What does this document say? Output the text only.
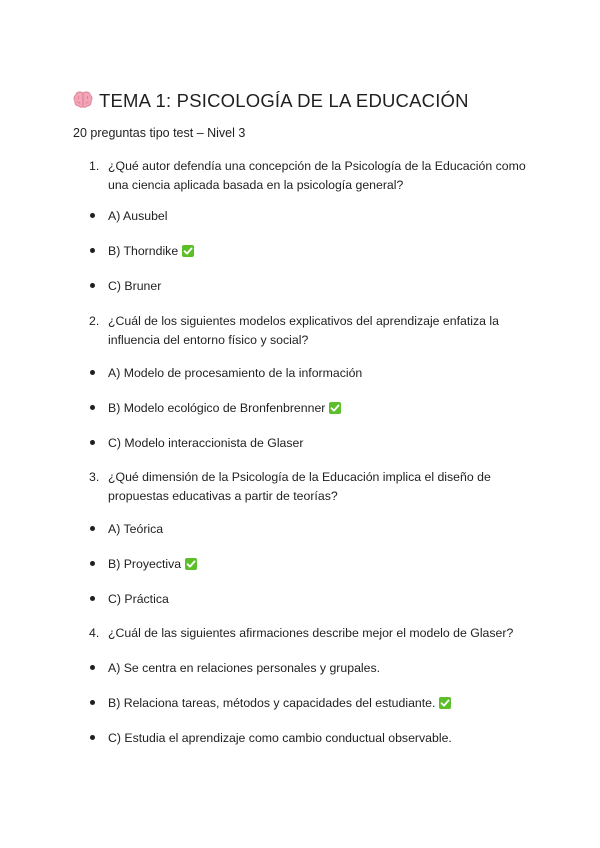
TEMA 1: PSICOLOGÍA DE LA EDUCACIÓN
20 preguntas tipo test – Nivel 3
1. ¿Qué autor defendía una concepción de la Psicología de la Educación como una ciencia aplicada basada en la psicología general?
A) Ausubel
B) Thorndike
C) Bruner
2. ¿Cuál de los siguientes modelos explicativos del aprendizaje enfatiza la influencia del entorno físico y social?
A) Modelo de procesamiento de la información
B) Modelo ecológico de Bronfenbrenner
C) Modelo interaccionista de Glaser
3. ¿Qué dimensión de la Psicología de la Educación implica el diseño de propuestas educativas a partir de teorías?
A) Teórica
B) Proyectiva
C) Práctica
4. ¿Cuál de las siguientes afirmaciones describe mejor el modelo de Glaser?
A) Se centra en relaciones personales y grupales.
B) Relaciona tareas, métodos y capacidades del estudiante.
C) Estudia el aprendizaje como cambio conductual observable.
